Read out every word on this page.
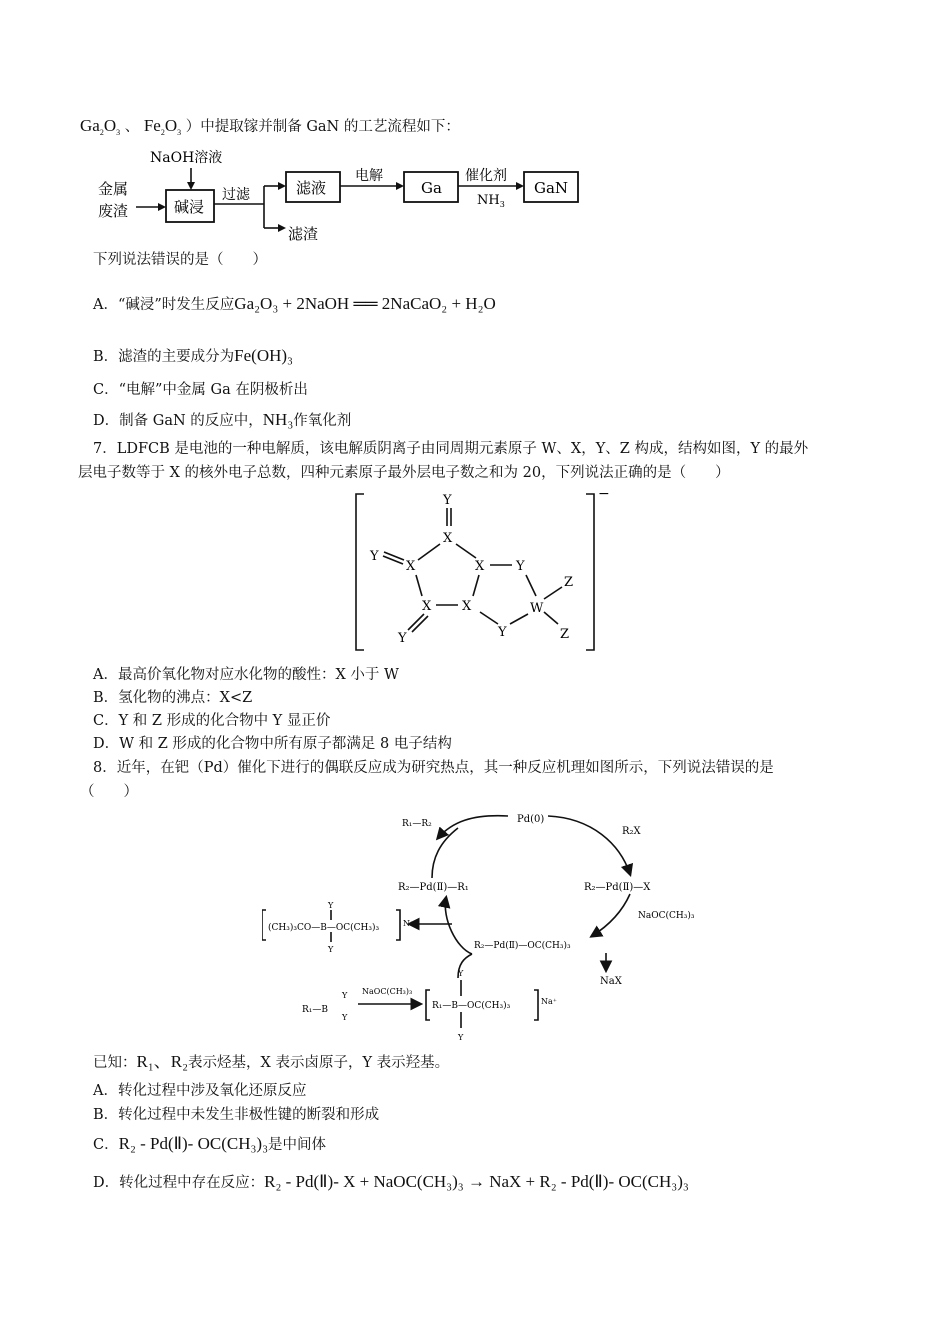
$Ga_2O_3$ 、 $Fe_2O_3$ ）中提取镓并制备 GaN 的工艺流程如下：
金属
废渣
NaOH溶液
碱浸
过滤
滤渣
滤液
电解
Ga
催化剂
$NH_3$
GaN
下列说法错误的是（　　）
A．“碱浸”时发生反应Ga₂O₃ + 2NaOH ══ 2NaCaO₂ + H₂O
B．滤渣的主要成分为Fe(OH)₃
C．“电解”中金属 Ga 在阴极析出
D．制备 GaN 的反应中，NH₃作氧化剂
7．LDFCB 是电池的一种电解质，该电解质阴离子由同周期元素原子 W、X，Y、Z 构成，结构如图，Y 的最外
层电子数等于 X 的核外电子总数，四种元素原子最外层电子数之和为 20，下列说法正确的是（　　）
−
Y
X
Y
X	X Y
X X
Y
W
Z
Z
Y
A．最高价氧化物对应水化物的酸性：X 小于 W
B．氢化物的沸点：X<Z
C．Y 和 Z 形成的化合物中 Y 显正价
D．W 和 Z 形成的化合物中所有原子都满足 8 电子结构
8．近年，在钯（Pd）催化下进行的偶联反应成为研究热点，其一种反应机理如图所示，下列说法错误的是
（　　）
Pd(0)
R₁—R₂
R₂X
R₂—Pd(Ⅱ)—X
NaOC(CH₃)₃
R₂—Pd(Ⅱ)—OC(CH₃)₃
NaX
R₂—Pd(Ⅱ)—R₁
(CH₃)₃CO—B—OC(CH₃)₃	Na⁺
Y
Y
R₁—B
Y
Y
NaOC(CH₃)₃
R₁—B—OC(CH₃)₃	Na⁺
Y
Y
已知：R₁、R₂表示烃基，X 表示卤原子，Y 表示羟基。
A．转化过程中涉及氧化还原反应
B．转化过程中未发生非极性键的断裂和形成
C．R₂ - Pd(Ⅱ)- OC(CH₃)₃是中间体
D．转化过程中存在反应：R₂ - Pd(Ⅱ)- X + NaOC(CH₃)₃ → NaX + R₂ - Pd(Ⅱ)- OC(CH₃)₃
